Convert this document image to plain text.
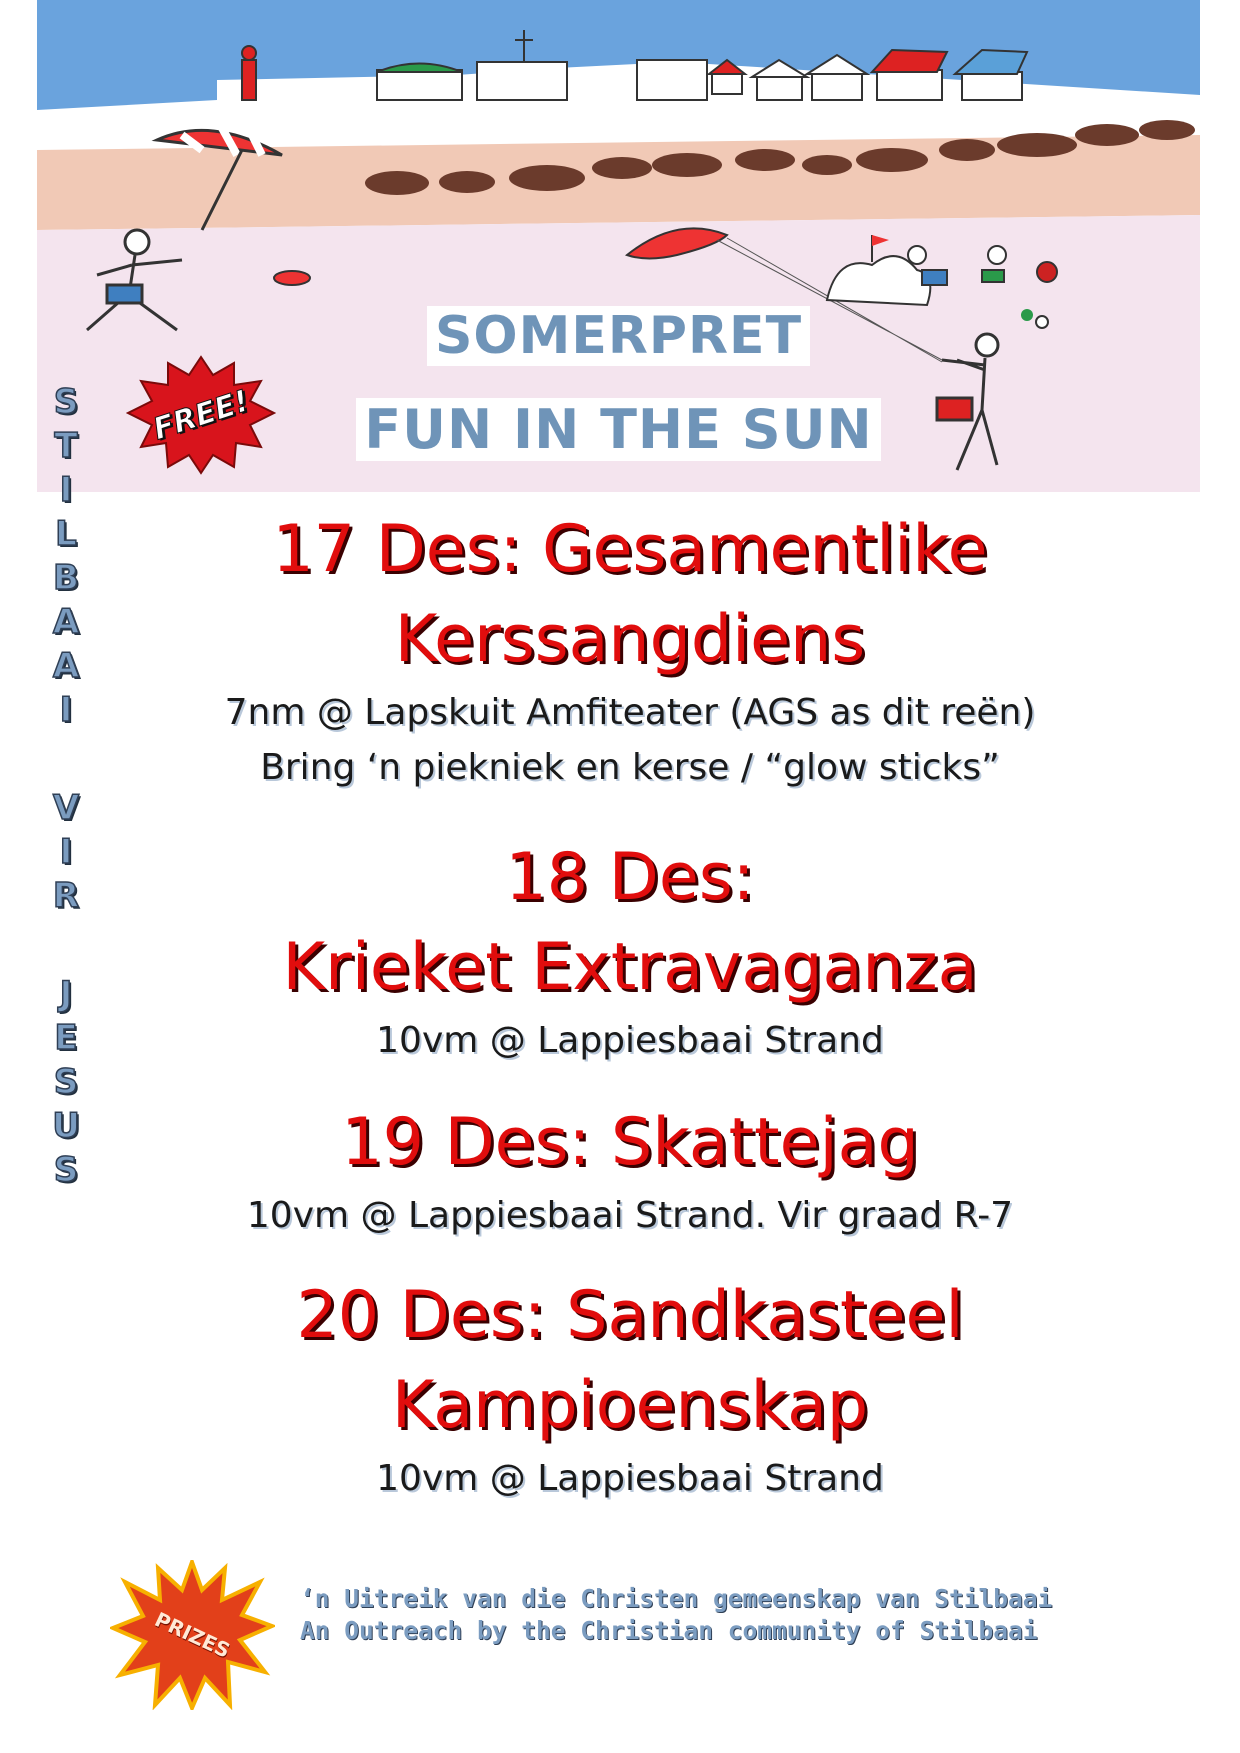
SOMERPRET
FUN IN THE SUN
FREE!
S
T
I
L
B
A
A
I
V
I
R
J
E
S
U
S
17 Des: Gesamentlike
Kerssangdiens

7nm @ Lapskuit Amfiteater (AGS as dit reën)

Bring ‘n piekniek en kerse / “glow sticks”

18 Des:
Krieket Extravaganza

10vm @ Lappiesbaai Strand

19 Des: Skattejag

10vm @ Lappiesbaai Strand. Vir graad R-7

20 Des: Sandkasteel
Kampioenskap

10vm @ Lappiesbaai Strand

PRIZES

‘n Uitreik van die Christen gemeenskap van Stilbaai

An Outreach by the Christian community of Stilbaai
